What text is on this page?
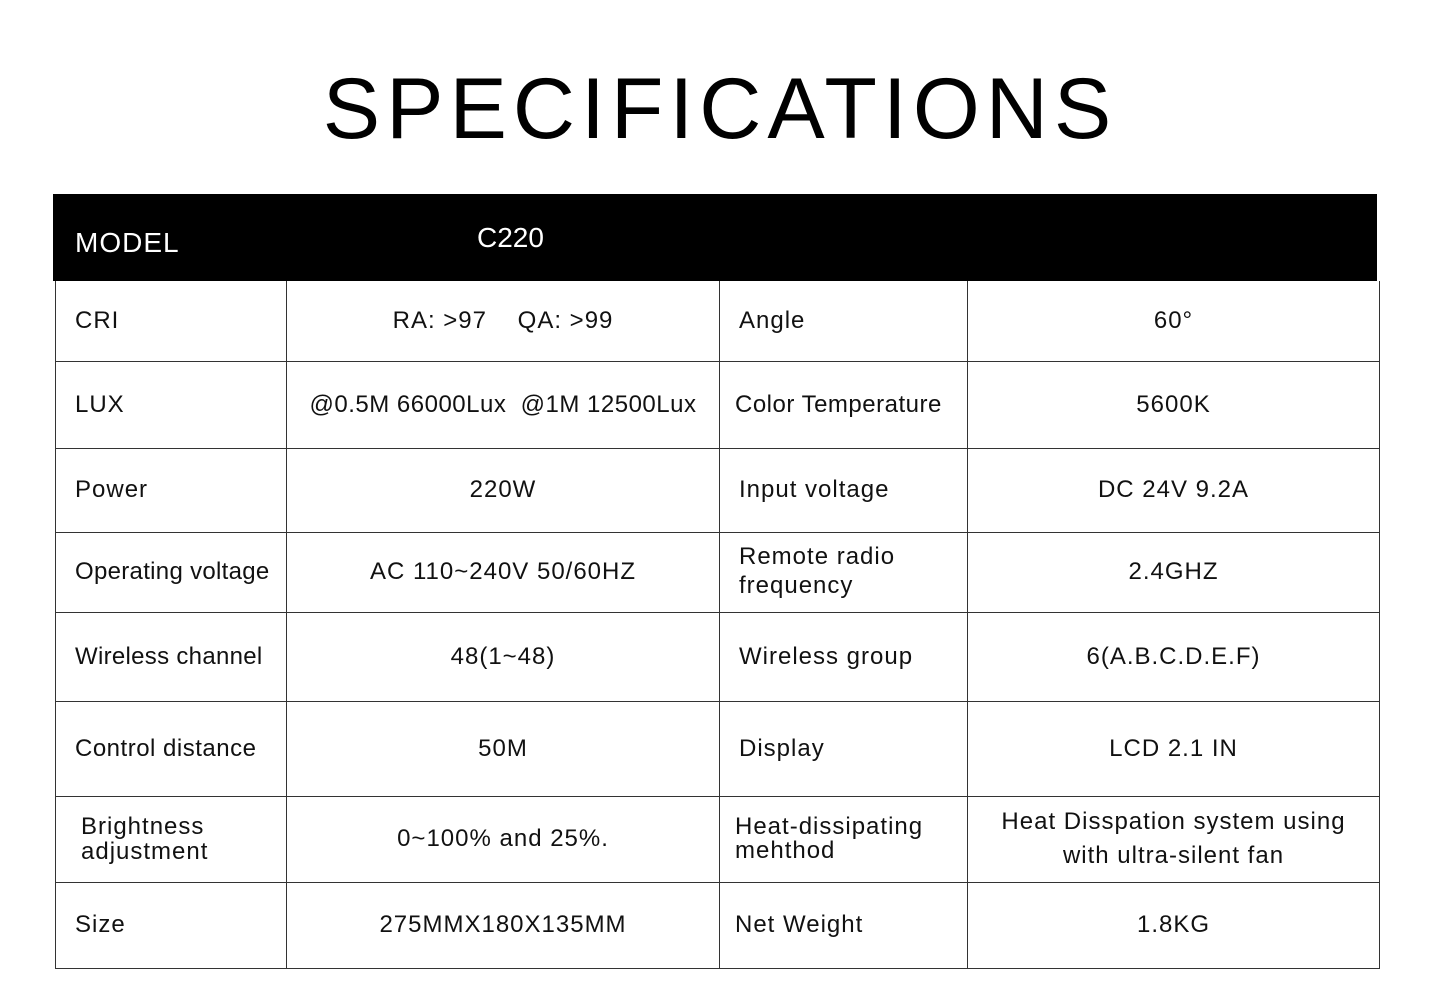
SPECIFICATIONS
MODEL	C220
CRI	RA: >97    QA: >99	Angle	60°
LUX	@0.5M 66000Lux  @1M 12500Lux	Color Temperature	5600K
Power	220W	Input voltage	DC 24V 9.2A
Operating voltage	AC 110~240V 50/60HZ	Remote radio frequency	2.4GHZ
Wireless channel	48(1~48)	Wireless group	6(A.B.C.D.E.F)
Control distance	50M	Display	LCD 2.1 IN

Brightness adjustment	0~100% and 25%.	Heat-dissipating mehthod	Heat Disspation system using with ultra-silent fan

Size	275MMX180X135MM	Net Weight	1.8KG
